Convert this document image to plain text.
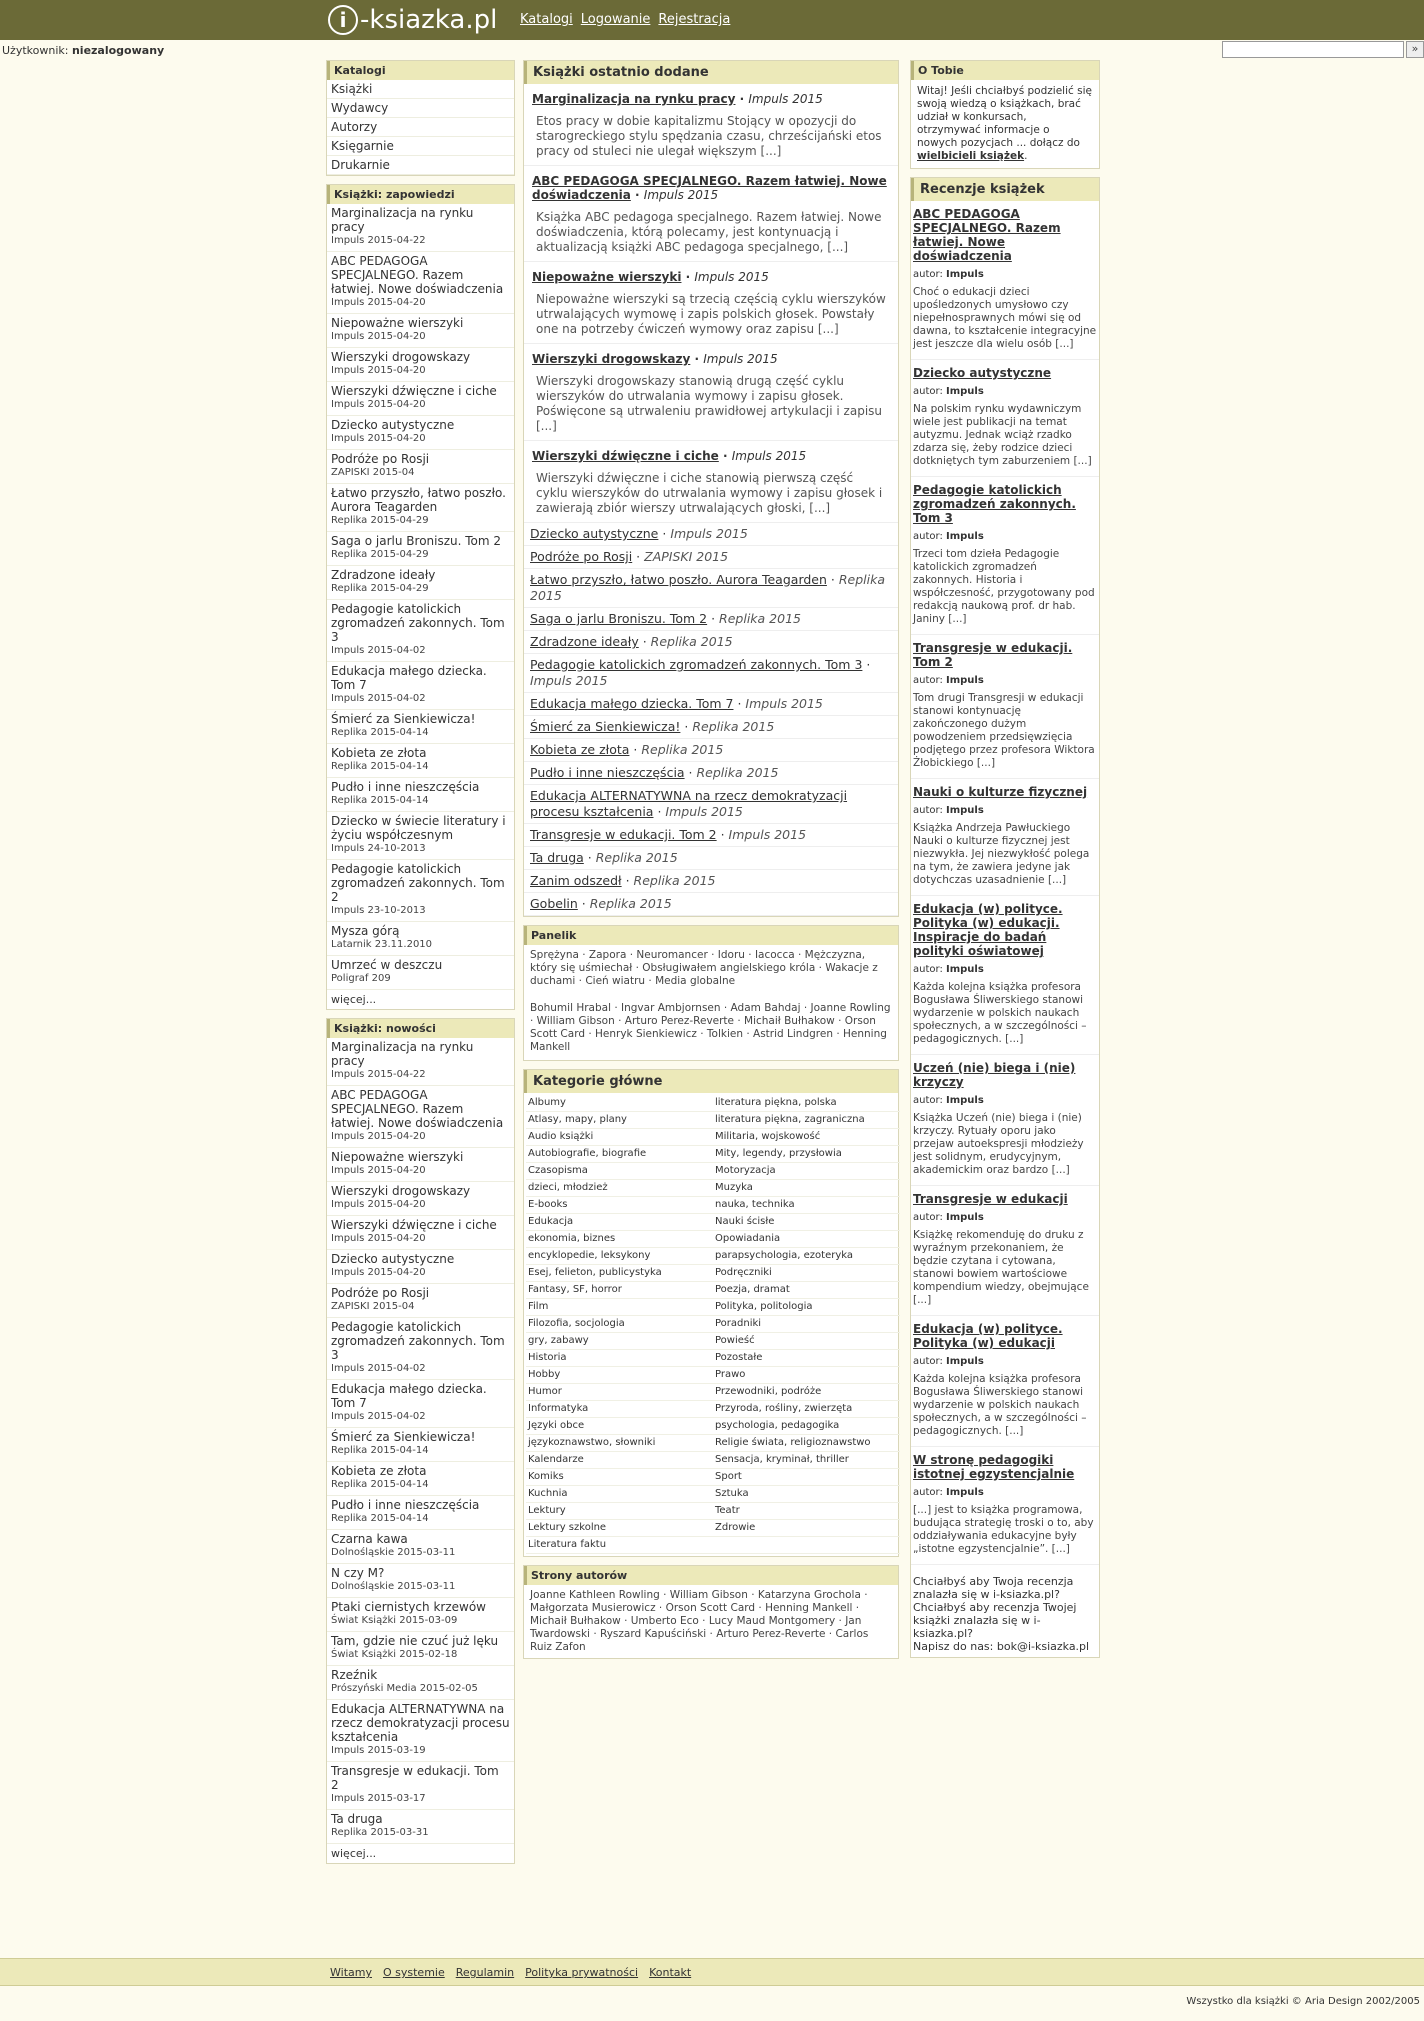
i -ksiazka.pl Katalogi Logowanie Rejestracja
Użytkownik: niezalogowany	»
Katalogi
Książki
Wydawcy
Autorzy
Księgarnie
Drukarnie
Książki: zapowiedzi
Marginalizacja na rynku pracy
Impuls 2015-04-22
ABC PEDAGOGA SPECJALNEGO. Razem łatwiej. Nowe doświadczenia
Impuls 2015-04-20
Niepoważne wierszyki
Impuls 2015-04-20
Wierszyki drogowskazy
Impuls 2015-04-20
Wierszyki dźwięczne i ciche
Impuls 2015-04-20
Dziecko autystyczne
Impuls 2015-04-20
Podróże po Rosji
ZAPISKI 2015-04
Łatwo przyszło, łatwo poszło. Aurora Teagarden
Replika 2015-04-29
Saga o jarlu Broniszu. Tom 2
Replika 2015-04-29
Zdradzone ideały
Replika 2015-04-29
Pedagogie katolickich zgromadzeń zakonnych. Tom 3
Impuls 2015-04-02
Edukacja małego dziecka. Tom 7
Impuls 2015-04-02
Śmierć za Sienkiewicza!
Replika 2015-04-14
Kobieta ze złota
Replika 2015-04-14
Pudło i inne nieszczęścia
Replika 2015-04-14
Dziecko w świecie literatury i życiu współczesnym
Impuls 24-10-2013
Pedagogie katolickich zgromadzeń zakonnych. Tom 2
Impuls 23-10-2013
Mysza górą
Latarnik 23.11.2010
Umrzeć w deszczu
Poligraf 209
więcej...
Książki: nowości
Marginalizacja na rynku pracy
Impuls 2015-04-22
ABC PEDAGOGA SPECJALNEGO. Razem łatwiej. Nowe doświadczenia
Impuls 2015-04-20
Niepoważne wierszyki
Impuls 2015-04-20
Wierszyki drogowskazy
Impuls 2015-04-20
Wierszyki dźwięczne i ciche
Impuls 2015-04-20
Dziecko autystyczne
Impuls 2015-04-20
Podróże po Rosji
ZAPISKI 2015-04
Pedagogie katolickich zgromadzeń zakonnych. Tom 3
Impuls 2015-04-02
Edukacja małego dziecka. Tom 7
Impuls 2015-04-02
Śmierć za Sienkiewicza!
Replika 2015-04-14
Kobieta ze złota
Replika 2015-04-14
Pudło i inne nieszczęścia
Replika 2015-04-14
Czarna kawa
Dolnośląskie 2015-03-11
N czy M?
Dolnośląskie 2015-03-11
Ptaki ciernistych krzewów
Świat Książki 2015-03-09
Tam, gdzie nie czuć już lęku
Świat Książki 2015-02-18
Rzeźnik
Prószyński Media 2015-02-05
Edukacja ALTERNATYWNA na rzecz demokratyzacji procesu kształcenia
Impuls 2015-03-19
Transgresje w edukacji. Tom 2
Impuls 2015-03-17
Ta druga
Replika 2015-03-31
więcej...
Książki ostatnio dodane
Marginalizacja na rynku pracy · Impuls 2015
Etos pracy w dobie kapitalizmu Stojący w opozycji do starogreckiego stylu spędzania czasu, chrześcijański etos pracy od stuleci nie ulegał większym [...]
ABC PEDAGOGA SPECJALNEGO. Razem łatwiej. Nowe doświadczenia · Impuls 2015
Książka ABC pedagoga specjalnego. Razem łatwiej. Nowe doświadczenia, którą polecamy, jest kontynuacją i aktualizacją książki ABC pedagoga specjalnego, [...]
Niepoważne wierszyki · Impuls 2015
Niepoważne wierszyki są trzecią częścią cyklu wierszyków utrwalających wymowę i zapis polskich głosek. Powstały one na potrzeby ćwiczeń wymowy oraz zapisu [...]
Wierszyki drogowskazy · Impuls 2015
Wierszyki drogowskazy stanowią drugą część cyklu wierszyków do utrwalania wymowy i zapisu głosek. Poświęcone są utrwaleniu prawidłowej artykulacji i zapisu [...]
Wierszyki dźwięczne i ciche · Impuls 2015
Wierszyki dźwięczne i ciche stanowią pierwszą część cyklu wierszyków do utrwalania wymowy i zapisu głosek i zawierają zbiór wierszy utrwalających głoski, [...]
Dziecko autystyczne · Impuls 2015
Podróże po Rosji · ZAPISKI 2015
Łatwo przyszło, łatwo poszło. Aurora Teagarden · Replika 2015
Saga o jarlu Broniszu. Tom 2 · Replika 2015
Zdradzone ideały · Replika 2015
Pedagogie katolickich zgromadzeń zakonnych. Tom 3 · Impuls 2015
Edukacja małego dziecka. Tom 7 · Impuls 2015
Śmierć za Sienkiewicza! · Replika 2015
Kobieta ze złota · Replika 2015
Pudło i inne nieszczęścia · Replika 2015
Edukacja ALTERNATYWNA na rzecz demokratyzacji procesu kształcenia · Impuls 2015
Transgresje w edukacji. Tom 2 · Impuls 2015
Ta druga · Replika 2015
Zanim odszedł · Replika 2015
Gobelin · Replika 2015
Panelik

Sprężyna · Zapora · Neuromancer · Idoru · Iacocca · Mężczyzna, który się uśmiechał · Obsługiwałem angielskiego króla · Wakacje z duchami · Cień wiatru · Media globalne

Bohumil Hrabal · Ingvar Ambjornsen · Adam Bahdaj · Joanne Rowling · William Gibson · Arturo Perez-Reverte · Michaił Bułhakow · Orson Scott Card · Henryk Sienkiewicz · Tolkien · Astrid Lindgren · Henning Mankell

Kategorie główne
Albumy	literatura piękna, polska
Atlasy, mapy, plany	literatura piękna, zagraniczna
Audio książki	Militaria, wojskowość
Autobiografie, biografie	Mity, legendy, przysłowia
Czasopisma	Motoryzacja
dzieci, młodzież	Muzyka
E-books	nauka, technika
Edukacja	Nauki ścisłe
ekonomia, biznes	Opowiadania
encyklopedie, leksykony	parapsychologia, ezoteryka
Esej, felieton, publicystyka	Podręczniki
Fantasy, SF, horror	Poezja, dramat
Film	Polityka, politologia
Filozofia, socjologia	Poradniki
gry, zabawy	Powieść
Historia	Pozostałe
Hobby	Prawo
Humor	Przewodniki, podróże
Informatyka	Przyroda, rośliny, zwierzęta
Języki obce	psychologia, pedagogika
językoznawstwo, słowniki	Religie świata, religioznawstwo
Kalendarze	Sensacja, kryminał, thriller
Komiks	Sport
Kuchnia	Sztuka
Lektury	Teatr
Lektury szkolne	Zdrowie
Literatura faktu
Strony autorów
Joanne Kathleen Rowling · William Gibson · Katarzyna Grochola · Małgorzata Musierowicz · Orson Scott Card · Henning Mankell · Michaił Bułhakow · Umberto Eco · Lucy Maud Montgomery · Jan Twardowski · Ryszard Kapuściński · Arturo Perez-Reverte · Carlos Ruiz Zafon
O Tobie
Witaj! Jeśli chciałbyś podzielić się swoją wiedzą o książkach, brać udział w konkursach, otrzymywać informacje o nowych pozycjach ... dołącz do wielbicieli książek.
Recenzje książek
ABC PEDAGOGA SPECJALNEGO. Razem łatwiej. Nowe doświadczenia
autor: Impuls
Choć o edukacji dzieci upośledzonych umysłowo czy niepełnosprawnych mówi się od dawna, to kształcenie integracyjne jest jeszcze dla wielu osób [...]
Dziecko autystyczne
autor: Impuls
Na polskim rynku wydawniczym wiele jest publikacji na temat autyzmu. Jednak wciąż rzadko zdarza się, żeby rodzice dzieci dotkniętych tym zaburzeniem [...]
Pedagogie katolickich zgromadzeń zakonnych. Tom 3
autor: Impuls
Trzeci tom dzieła Pedagogie katolickich zgromadzeń zakonnych. Historia i współczesność, przygotowany pod redakcją naukową prof. dr hab. Janiny [...]
Transgresje w edukacji. Tom 2
autor: Impuls
Tom drugi Transgresji w edukacji stanowi kontynuację zakończonego dużym powodzeniem przedsięwzięcia podjętego przez profesora Wiktora Żłobickiego [...]
Nauki o kulturze fizycznej
autor: Impuls
Książka Andrzeja Pawłuckiego Nauki o kulturze fizycznej jest niezwykła. Jej niezwykłość polega na tym, że zawiera jedyne jak dotychczas uzasadnienie [...]
Edukacja (w) polityce. Polityka (w) edukacji. Inspiracje do badań polityki oświatowej
autor: Impuls
Każda kolejna książka profesora Bogusława Śliwerskiego stanowi wydarzenie w polskich naukach społecznych, a w szczególności – pedagogicznych. [...]
Uczeń (nie) biega i (nie) krzyczy
autor: Impuls
Książka Uczeń (nie) biega i (nie) krzyczy. Rytuały oporu jako przejaw autoekspresji młodzieży jest solidnym, erudycyjnym, akademickim oraz bardzo [...]
Transgresje w edukacji
autor: Impuls
Książkę rekomenduję do druku z wyraźnym przekonaniem, że będzie czytana i cytowana, stanowi bowiem wartościowe kompendium wiedzy, obejmujące [...]
Edukacja (w) polityce. Polityka (w) edukacji
autor: Impuls
Każda kolejna książka profesora Bogusława Śliwerskiego stanowi wydarzenie w polskich naukach społecznych, a w szczególności – pedagogicznych. [...]
W stronę pedagogiki istotnej egzystencjalnie
autor: Impuls
[...] jest to książka programowa, budująca strategię troski o to, aby oddziaływania edukacyjne były „istotne egzystencjalnie”. [...]
Chciałbyś aby Twoja recenzja znalazła się w i-ksiazka.pl?
Chciałbyś aby recenzja Twojej książki znalazła się w i-ksiazka.pl?
Napisz do nas: bok@i-ksiazka.pl
Witamy O systemie Regulamin Polityka prywatności Kontakt
Wszystko dla książki © Aria Design 2002/2005
